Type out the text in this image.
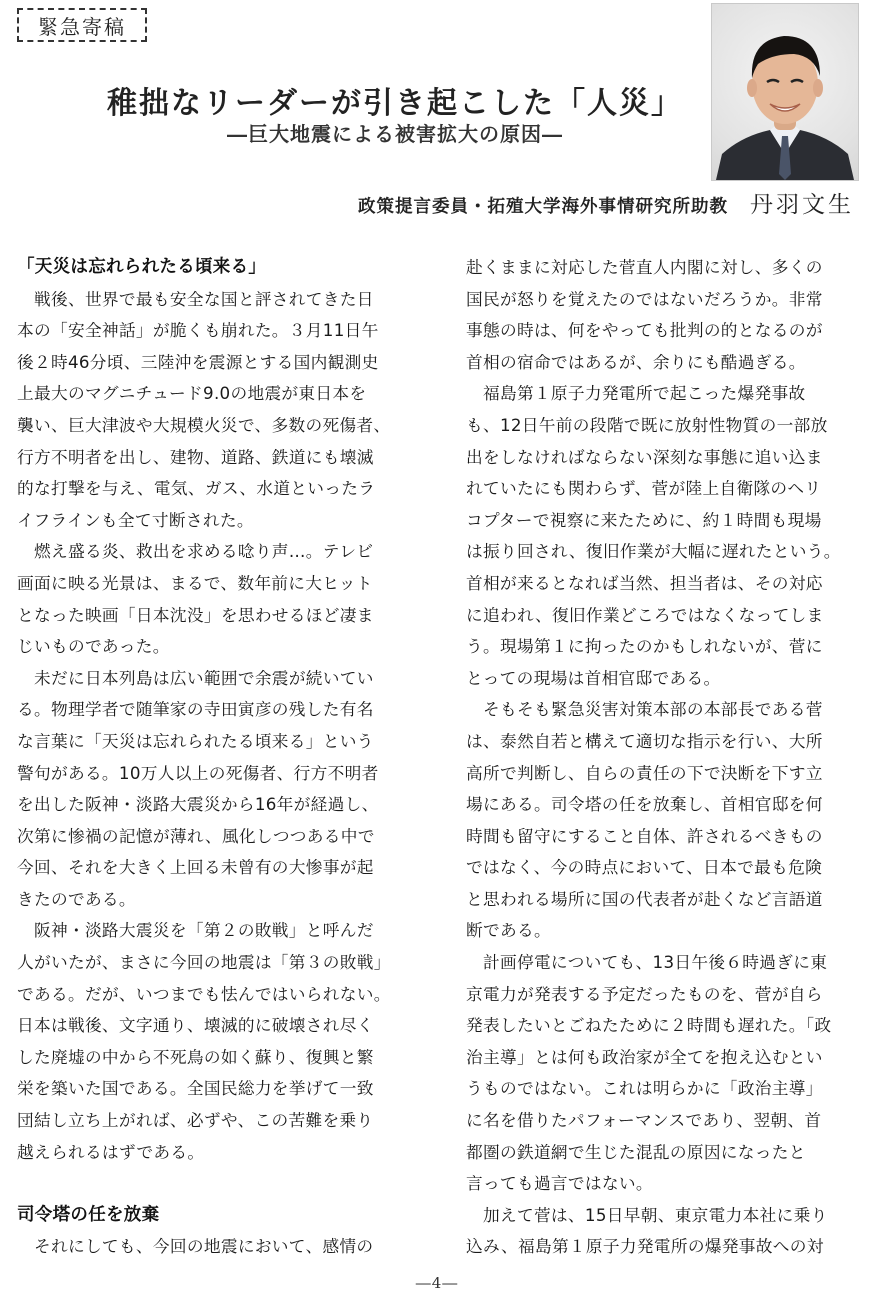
緊急寄稿
稚拙なリーダーが引き起こした「人災」
―巨大地震による被害拡大の原因―
政策提言委員・拓殖大学海外事情研究所助教 丹羽文生
「天災は忘れられたる頃来る」
　戦後、世界で最も安全な国と評されてきた日
本の「安全神話」が脆くも崩れた。３月11日午
後２時46分頃、三陸沖を震源とする国内観測史
上最大のマグニチュード9.0の地震が東日本を
襲い、巨大津波や大規模火災で、多数の死傷者、
行方不明者を出し、建物、道路、鉄道にも壊滅
的な打撃を与え、電気、ガス、水道といったラ
イフラインも全て寸断された。
　燃え盛る炎、救出を求める唸り声…。テレビ
画面に映る光景は、まるで、数年前に大ヒット
となった映画「日本沈没」を思わせるほど凄ま
じいものであった。
　未だに日本列島は広い範囲で余震が続いてい
る。物理学者で随筆家の寺田寅彦の残した有名
な言葉に「天災は忘れられたる頃来る」という
警句がある。10万人以上の死傷者、行方不明者
を出した阪神・淡路大震災から16年が経過し、
次第に惨禍の記憶が薄れ、風化しつつある中で
今回、それを大きく上回る未曾有の大惨事が起
きたのである。
　阪神・淡路大震災を「第２の敗戦」と呼んだ
人がいたが、まさに今回の地震は「第３の敗戦」
である。だが、いつまでも怯んではいられない。
日本は戦後、文字通り、壊滅的に破壊され尽く
した廃墟の中から不死鳥の如く蘇り、復興と繁
栄を築いた国である。全国民総力を挙げて一致
団結し立ち上がれば、必ずや、この苦難を乗り
越えられるはずである。
司令塔の任を放棄
　それにしても、今回の地震において、感情の
赴くままに対応した菅直人内閣に対し、多くの
国民が怒りを覚えたのではないだろうか。非常
事態の時は、何をやっても批判の的となるのが
首相の宿命ではあるが、余りにも酷過ぎる。
　福島第１原子力発電所で起こった爆発事故
も、12日午前の段階で既に放射性物質の一部放
出をしなければならない深刻な事態に追い込ま
れていたにも関わらず、菅が陸上自衛隊のヘリ
コプターで視察に来たために、約１時間も現場
は振り回され、復旧作業が大幅に遅れたという。
首相が来るとなれば当然、担当者は、その対応
に追われ、復旧作業どころではなくなってしま
う。現場第１に拘ったのかもしれないが、菅に
とっての現場は首相官邸である。
　そもそも緊急災害対策本部の本部長である菅
は、泰然自若と構えて適切な指示を行い、大所
高所で判断し、自らの責任の下で決断を下す立
場にある。司令塔の任を放棄し、首相官邸を何
時間も留守にすること自体、許されるべきもの
ではなく、今の時点において、日本で最も危険
と思われる場所に国の代表者が赴くなど言語道
断である。
　計画停電についても、13日午後６時過ぎに東
京電力が発表する予定だったものを、菅が自ら
発表したいとごねたために２時間も遅れた。「政
治主導」とは何も政治家が全てを抱え込むとい
うものではない。これは明らかに「政治主導」
に名を借りたパフォーマンスであり、翌朝、首
都圏の鉄道網で生じた混乱の原因になったと
言っても過言ではない。
　加えて菅は、15日早朝、東京電力本社に乗り
込み、福島第１原子力発電所の爆発事故への対
―4―
